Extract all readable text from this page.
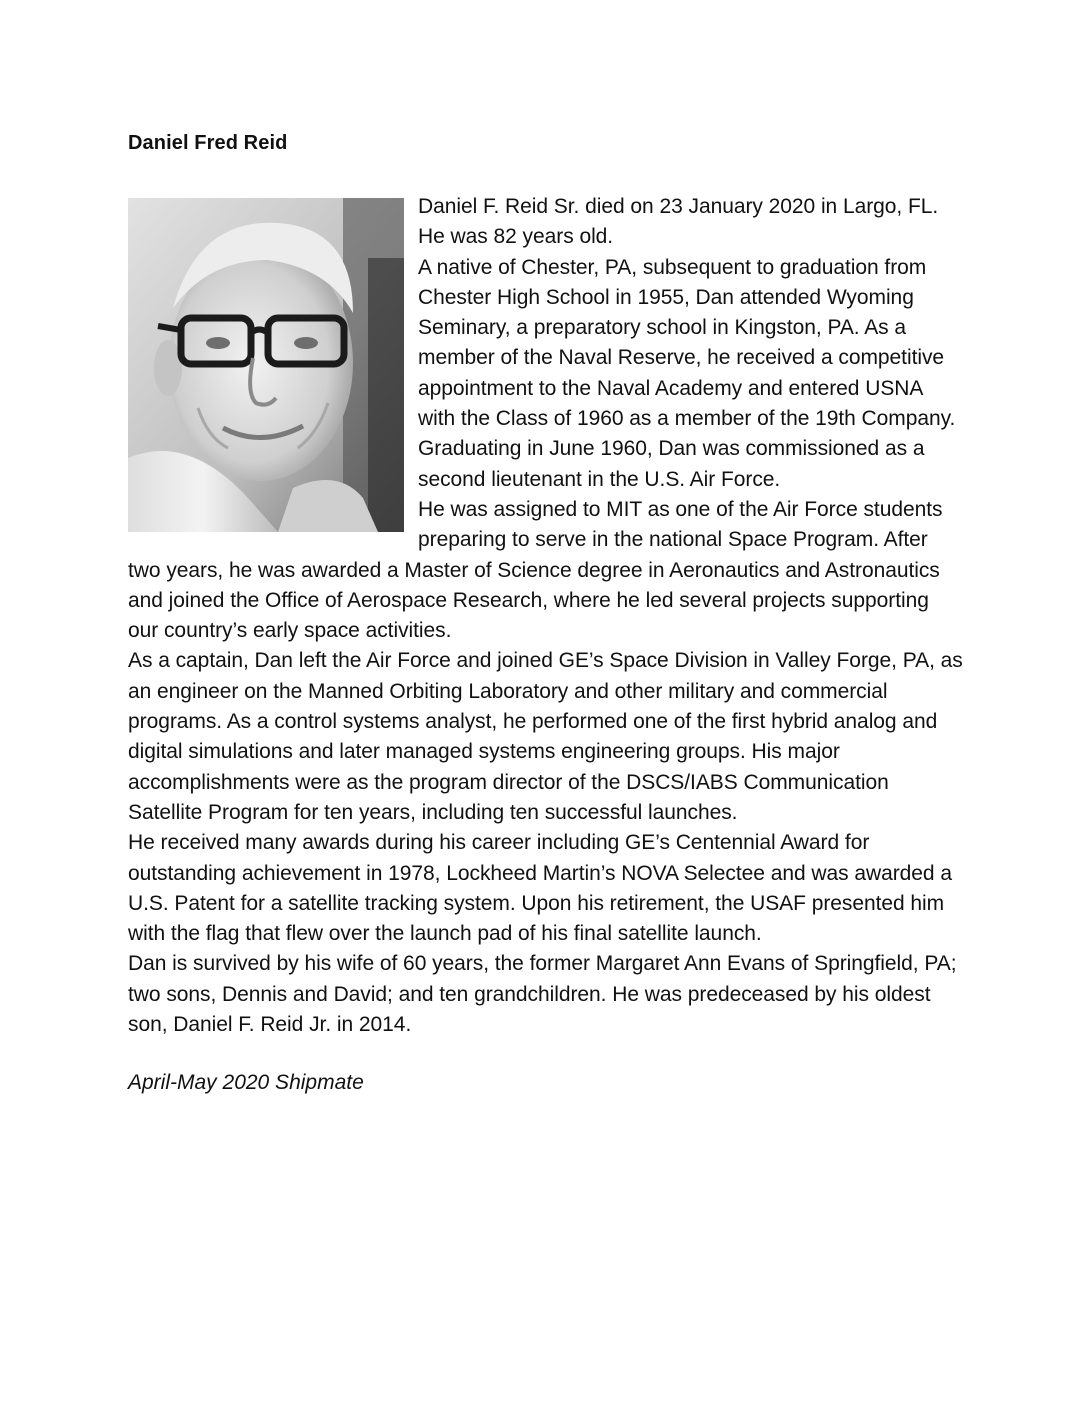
Daniel Fred Reid

Daniel F. Reid Sr. died on 23 January 2020 in Largo, FL. He was 82 years old.

A native of Chester, PA, subsequent to graduation from Chester High School in 1955, Dan attended Wyoming Seminary, a preparatory school in Kingston, PA. As a member of the Naval Reserve, he received a competitive appointment to the Naval Academy and entered USNA with the Class of 1960 as a member of the 19th Company. Graduating in June 1960, Dan was commissioned as a second lieutenant in the U.S. Air Force.

He was assigned to MIT as one of the Air Force students preparing to serve in the national Space Program. After two years, he was awarded a Master of Science degree in Aeronautics and Astronautics and joined the Office of Aerospace Research, where he led several projects supporting our country’s early space activities.

As a captain, Dan left the Air Force and joined GE’s Space Division in Valley Forge, PA, as an engineer on the Manned Orbiting Laboratory and other military and commercial programs. As a control systems analyst, he performed one of the first hybrid analog and digital simulations and later managed systems engineering groups. His major accomplishments were as the program director of the DSCS/IABS Communication Satellite Program for ten years, including ten successful launches.

He received many awards during his career including GE’s Centennial Award for outstanding achievement in 1978, Lockheed Martin’s NOVA Selectee and was awarded a U.S. Patent for a satellite tracking system. Upon his retirement, the USAF presented him with the flag that flew over the launch pad of his final satellite launch.

Dan is survived by his wife of 60 years, the former Margaret Ann Evans of Springfield, PA; two sons, Dennis and David; and ten grandchildren. He was predeceased by his oldest son, Daniel F. Reid Jr. in 2014.

April-May 2020 Shipmate
